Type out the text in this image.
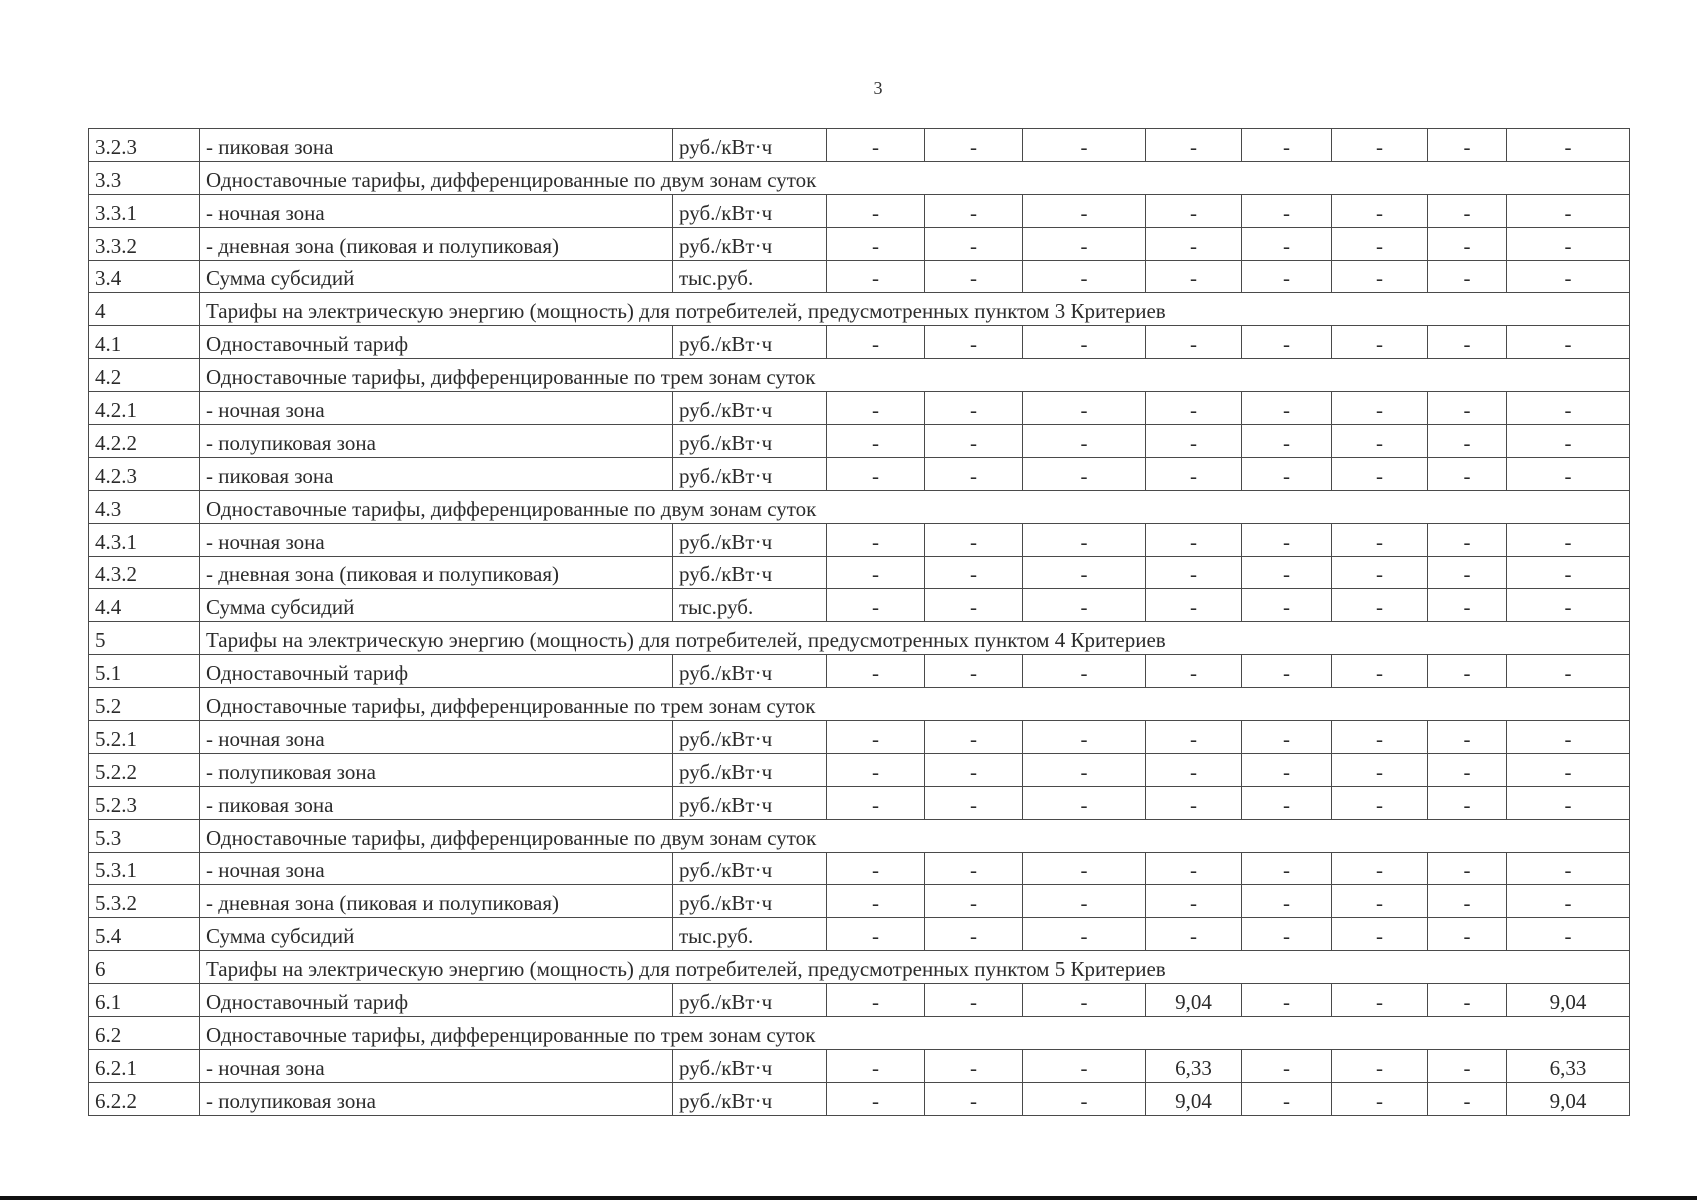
3
3.2.3	- пиковая зона	руб./кВт·ч	-	-	-	-	-	-	-	-
3.3	Одноставочные тарифы, дифференцированные по двум зонам суток									
3.3.1	- ночная зона	руб./кВт·ч	-	-	-	-	-	-	-	-
3.3.2	- дневная зона (пиковая и полупиковая)	руб./кВт·ч	-	-	-	-	-	-	-	-
3.4	Сумма субсидий	тыс.руб.	-	-	-	-	-	-	-	-
4	Тарифы на электрическую энергию (мощность) для потребителей, предусмотренных пунктом 3 Критериев									
4.1	Одноставочный тариф	руб./кВт·ч	-	-	-	-	-	-	-	-
4.2	Одноставочные тарифы, дифференцированные по трем зонам суток									
4.2.1	- ночная зона	руб./кВт·ч	-	-	-	-	-	-	-	-
4.2.2	- полупиковая зона	руб./кВт·ч	-	-	-	-	-	-	-	-
4.2.3	- пиковая зона	руб./кВт·ч	-	-	-	-	-	-	-	-
4.3	Одноставочные тарифы, дифференцированные по двум зонам суток									
4.3.1	- ночная зона	руб./кВт·ч	-	-	-	-	-	-	-	-
4.3.2	- дневная зона (пиковая и полупиковая)	руб./кВт·ч	-	-	-	-	-	-	-	-
4.4	Сумма субсидий	тыс.руб.	-	-	-	-	-	-	-	-
5	Тарифы на электрическую энергию (мощность) для потребителей, предусмотренных пунктом 4 Критериев									
5.1	Одноставочный тариф	руб./кВт·ч	-	-	-	-	-	-	-	-
5.2	Одноставочные тарифы, дифференцированные по трем зонам суток									
5.2.1	- ночная зона	руб./кВт·ч	-	-	-	-	-	-	-	-
5.2.2	- полупиковая зона	руб./кВт·ч	-	-	-	-	-	-	-	-
5.2.3	- пиковая зона	руб./кВт·ч	-	-	-	-	-	-	-	-
5.3	Одноставочные тарифы, дифференцированные по двум зонам суток									
5.3.1	- ночная зона	руб./кВт·ч	-	-	-	-	-	-	-	-
5.3.2	- дневная зона (пиковая и полупиковая)	руб./кВт·ч	-	-	-	-	-	-	-	-
5.4	Сумма субсидий	тыс.руб.	-	-	-	-	-	-	-	-
6	Тарифы на электрическую энергию (мощность) для потребителей, предусмотренных пунктом 5 Критериев									
6.1	Одноставочный тариф	руб./кВт·ч	-	-	-	9,04	-	-	-	9,04
6.2	Одноставочные тарифы, дифференцированные по трем зонам суток									
6.2.1	- ночная зона	руб./кВт·ч	-	-	-	6,33	-	-	-	6,33
6.2.2	- полупиковая зона	руб./кВт·ч	-	-	-	9,04	-	-	-	9,04
